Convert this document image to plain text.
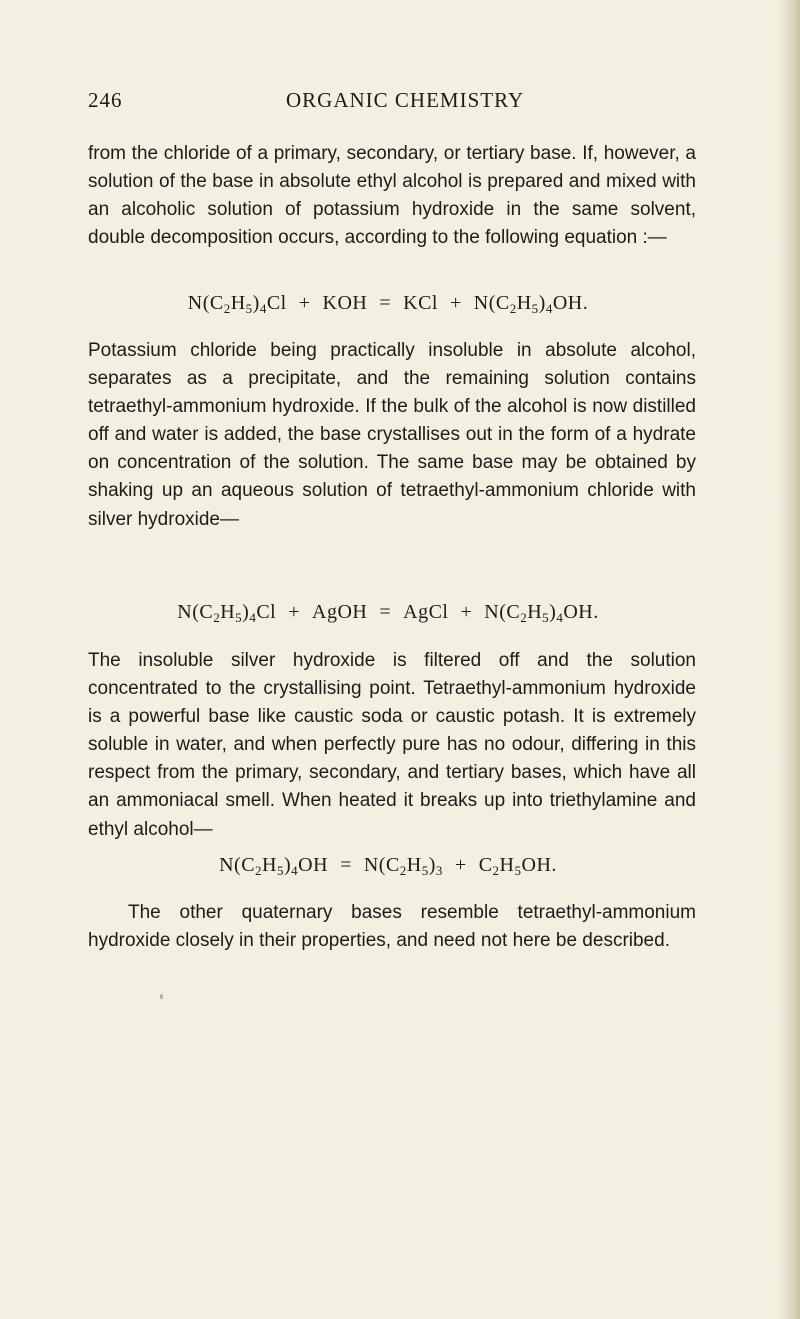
246	ORGANIC CHEMISTRY

from the chloride of a primary, secondary, or tertiary base. If, however, a solution of the base in absolute ethyl alcohol is prepared and mixed with an alcoholic solution of potassium hydroxide in the same solvent, double decomposition occurs, according to the following equation :—

$N(C_2H_5)_4Cl$ + KOH = KCl + $N(C_2H_5)_4OH$.

Potassium chloride being practically insoluble in absolute alcohol, separates as a precipitate, and the remaining solution contains tetraethyl-ammonium hydroxide. If the bulk of the alcohol is now distilled off and water is added, the base crystallises out in the form of a hydrate on concentration of the solution. The same base may be obtained by shaking up an aqueous solution of tetraethyl-ammonium chloride with silver hydroxide—

$N(C_2H_5)_4Cl$ + AgOH = AgCl + $N(C_2H_5)_4OH$.

The insoluble silver hydroxide is filtered off and the solution concentrated to the crystallising point. Tetraethyl-ammonium hydroxide is a powerful base like caustic soda or caustic potash. It is extremely soluble in water, and when perfectly pure has no odour, differing in this respect from the primary, secondary, and tertiary bases, which have all an ammoniacal smell. When heated it breaks up into triethylamine and ethyl alcohol—

$N(C_2H_5)_4OH = N(C_2H_5)_3 + C_2H_5OH$.

The other quaternary bases resemble tetraethyl-ammonium hydroxide closely in their properties, and need not here be described.
